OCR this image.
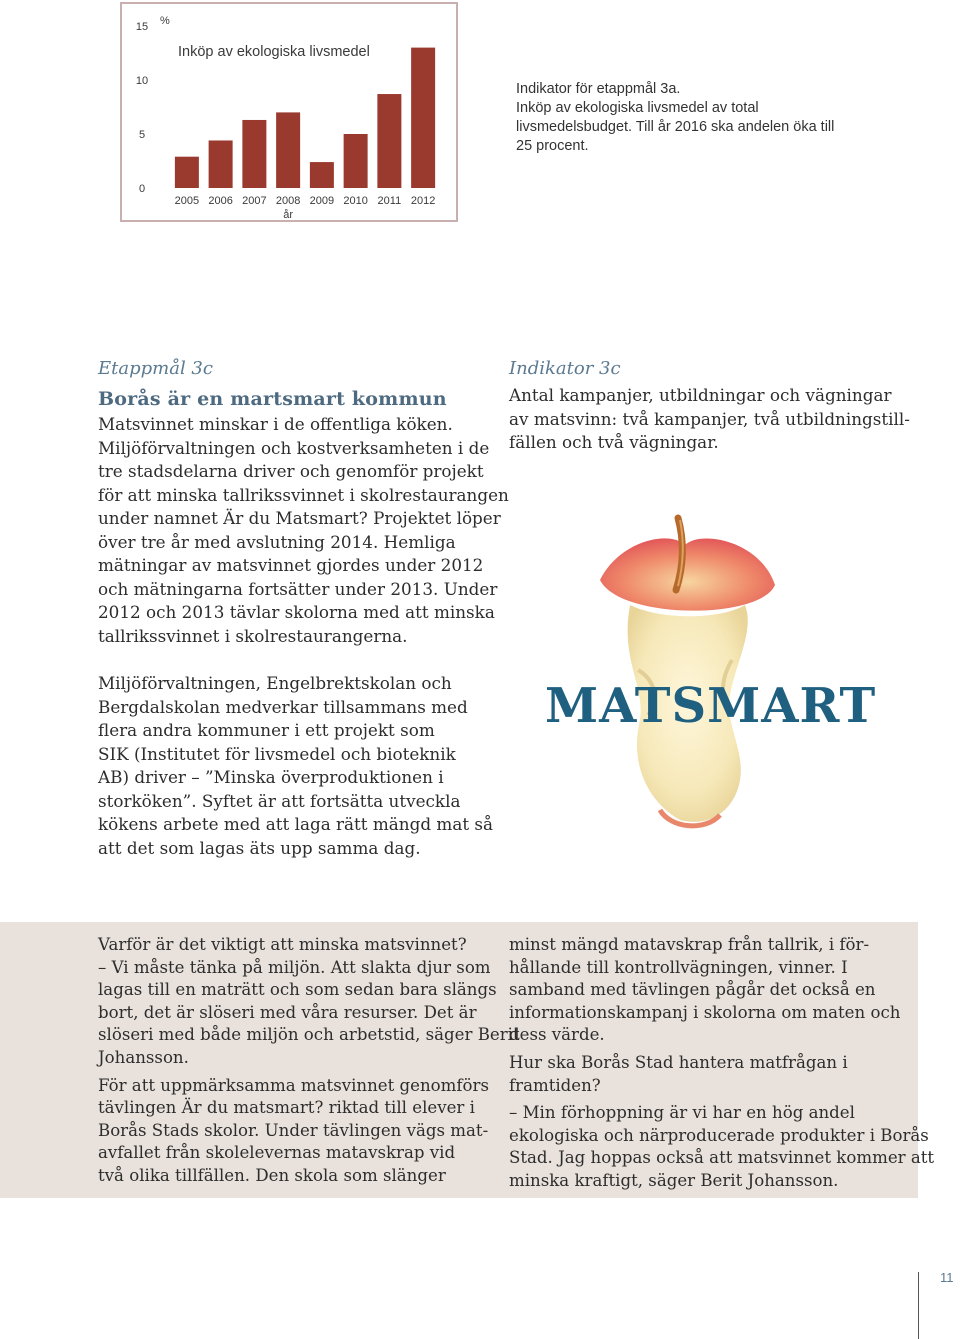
0
5
10
15 %
Inköp av ekologiska livsmedel
2005 2006 2007 2008 2009 2010 2011 2012
år
Indikator för etappmål 3a.
Inköp av ekologiska livsmedel av total
livsmedelsbudget. Till år 2016 ska andelen öka till
25 procent.
Etappmål 3c
Borås är en martsmart kommun
Matsvinnet minskar i de offentliga köken.
Miljöförvaltningen och kostverksamheten i de
tre stadsdelarna driver och genomför projekt
för att minska tallrikssvinnet i skolrestaurangen
under namnet Är du Matsmart? Projektet löper
över tre år med avslutning 2014. Hemliga
mätningar av matsvinnet gjordes under 2012
och mätningarna fortsätter under 2013. Under
2012 och 2013 tävlar skolorna med att minska
tallrikssvinnet i skolrestaurangerna.
Miljöförvaltningen, Engelbrektskolan och
Bergdalskolan medverkar tillsammans med
flera andra kommuner i ett projekt som
SIK (Institutet för livsmedel och bioteknik
AB) driver – ”Minska överproduktionen i
storköken”. Syftet är att fortsätta utveckla
kökens arbete med att laga rätt mängd mat så
att det som lagas äts upp samma dag.
Indikator 3c
Antal kampanjer, utbildningar och vägningar
av matsvinn: två kampanjer, två utbildningstill-
fällen och två vägningar.
MATSMART
Varför är det viktigt att minska matsvinnet?
– Vi måste tänka på miljön. Att slakta djur som
lagas till en maträtt och som sedan bara slängs
bort, det är slöseri med våra resurser. Det är
slöseri med både miljön och arbetstid, säger Berit
Johansson.
För att uppmärksamma matsvinnet genomförs
tävlingen Är du matsmart? riktad till elever i
Borås Stads skolor. Under tävlingen vägs mat-
avfallet från skolelevernas matavskrap vid
två olika tillfällen. Den skola som slänger
minst mängd matavskrap från tallrik, i för-
hållande till kontrollvägningen, vinner. I
samband med tävlingen pågår det också en
informationskampanj i skolorna om maten och
dess värde.
Hur ska Borås Stad hantera matfrågan i
framtiden?
– Min förhoppning är vi har en hög andel
ekologiska och närproducerade produkter i Borås
Stad. Jag hoppas också att matsvinnet kommer att
minska kraftigt, säger Berit Johansson.
11
